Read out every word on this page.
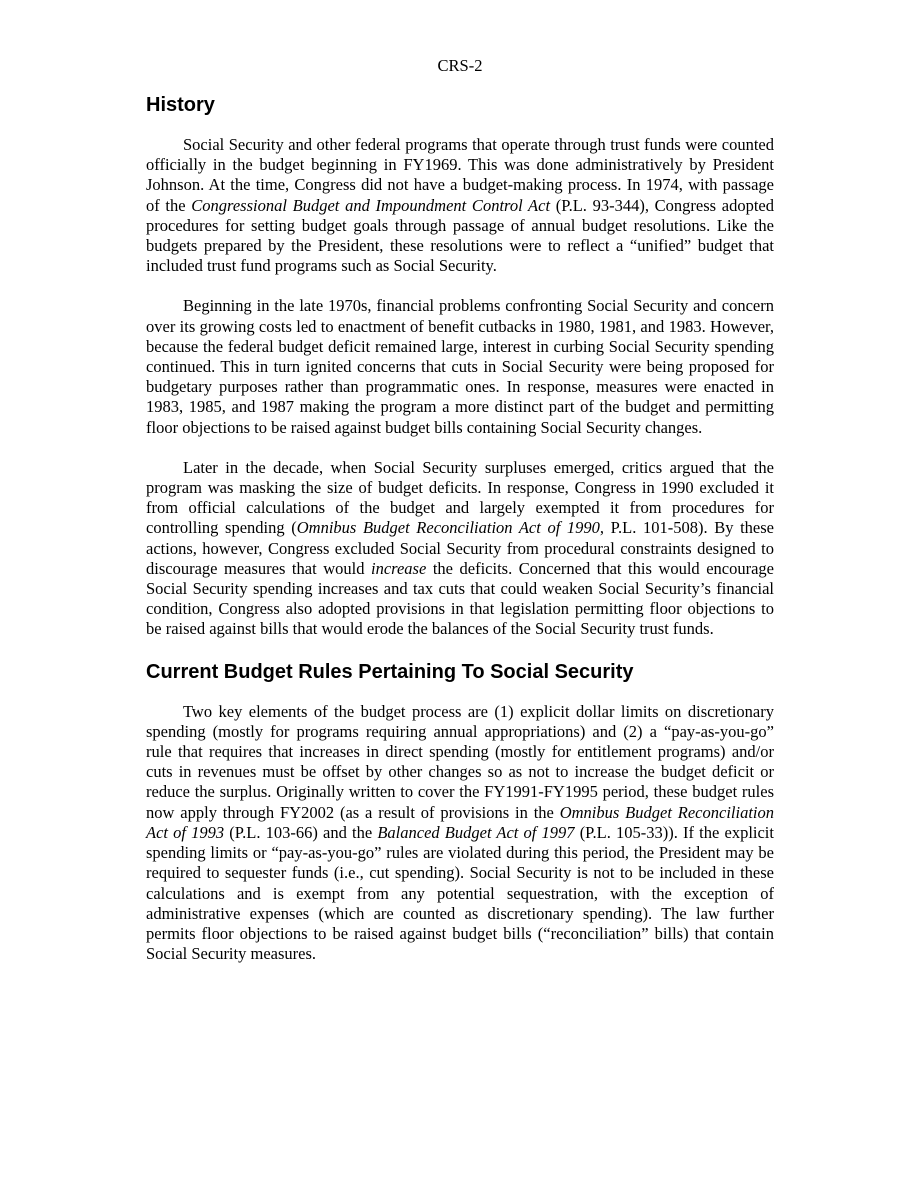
CRS-2
History

Social Security and other federal programs that operate through trust funds were counted officially in the budget beginning in FY1969. This was done administratively by President Johnson. At the time, Congress did not have a budget-making process. In 1974, with passage of the Congressional Budget and Impoundment Control Act (P.L. 93-344), Congress adopted procedures for setting budget goals through passage of annual budget resolutions. Like the budgets prepared by the President, these resolutions were to reflect a “unified” budget that included trust fund programs such as Social Security.

Beginning in the late 1970s, financial problems confronting Social Security and concern over its growing costs led to enactment of benefit cutbacks in 1980, 1981, and 1983. However, because the federal budget deficit remained large, interest in curbing Social Security spending continued. This in turn ignited concerns that cuts in Social Security were being proposed for budgetary purposes rather than programmatic ones. In response, measures were enacted in 1983, 1985, and 1987 making the program a more distinct part of the budget and permitting floor objections to be raised against budget bills containing Social Security changes.

Later in the decade, when Social Security surpluses emerged, critics argued that the program was masking the size of budget deficits. In response, Congress in 1990 excluded it from official calculations of the budget and largely exempted it from procedures for controlling spending (Omnibus Budget Reconciliation Act of 1990, P.L. 101-508). By these actions, however, Congress excluded Social Security from procedural constraints designed to discourage measures that would increase the deficits. Concerned that this would encourage Social Security spending increases and tax cuts that could weaken Social Security’s financial condition, Congress also adopted provisions in that legislation permitting floor objections to be raised against bills that would erode the balances of the Social Security trust funds.

Current Budget Rules Pertaining To Social Security

Two key elements of the budget process are (1) explicit dollar limits on discretionary spending (mostly for programs requiring annual appropriations) and (2) a “pay-as-you-go” rule that requires that increases in direct spending (mostly for entitlement programs) and/or cuts in revenues must be offset by other changes so as not to increase the budget deficit or reduce the surplus. Originally written to cover the FY1991-FY1995 period, these budget rules now apply through FY2002 (as a result of provisions in the Omnibus Budget Reconciliation Act of 1993 (P.L. 103-66) and the Balanced Budget Act of 1997 (P.L. 105-33)). If the explicit spending limits or “pay-as-you-go” rules are violated during this period, the President may be required to sequester funds (i.e., cut spending). Social Security is not to be included in these calculations and is exempt from any potential sequestration, with the exception of administrative expenses (which are counted as discretionary spending). The law further permits floor objections to be raised against budget bills (“reconciliation” bills) that contain Social Security measures.
